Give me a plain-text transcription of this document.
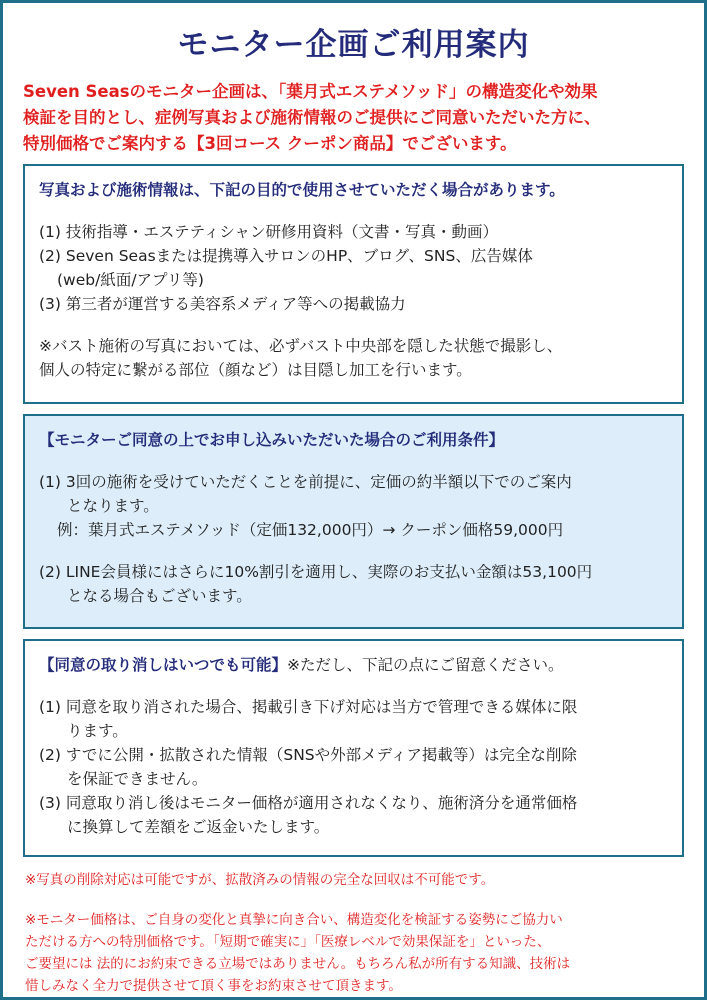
モニター企画ご利用案内
Seven Seasのモニター企画は、「葉月式エステメソッド」の構造変化や効果
検証を目的とし、症例写真および施術情報のご提供にご同意いただいた方に、
特別価格でご案内する【3回コース クーポン商品】でございます。
写真および施術情報は、下記の目的で使用させていただく場合があります。
(1) 技術指導・エステティシャン研修用資料（文書・写真・動画）
(2) Seven Seasまたは提携導入サロンのHP、ブログ、SNS、広告媒体
(web/紙面/アプリ等)
(3) 第三者が運営する美容系メディア等への掲載協力
※バスト施術の写真においては、必ずバスト中央部を隠した状態で撮影し、
個人の特定に繋がる部位（顔など）は目隠し加工を行います。
【モニターご同意の上でお申し込みいただいた場合のご利用条件】
(1) 3回の施術を受けていただくことを前提に、定価の約半額以下でのご案内
となります。
例：葉月式エステメソッド（定価132,000円）→ クーポン価格59,000円
(2) LINE会員様にはさらに10%割引を適用し、実際のお支払い金額は53,100円
となる場合もございます。
【同意の取り消しはいつでも可能】※ただし、下記の点にご留意ください。
(1) 同意を取り消された場合、掲載引き下げ対応は当方で管理できる媒体に限
ります。
(2) すでに公開・拡散された情報（SNSや外部メディア掲載等）は完全な削除
を保証できません。
(3) 同意取り消し後はモニター価格が適用されなくなり、施術済分を通常価格
に換算して差額をご返金いたします。
※写真の削除対応は可能ですが、拡散済みの情報の完全な回収は不可能です。
※モニター価格は、ご自身の変化と真摯に向き合い、構造変化を検証する姿勢にご協力い
ただける方への特別価格です。「短期で確実に」「医療レベルで効果保証を」といった、
ご要望には 法的にお約束できる立場ではありません。もちろん私が所有する知識、技術は
惜しみなく全力で提供させて頂く事をお約束させて頂きます。
